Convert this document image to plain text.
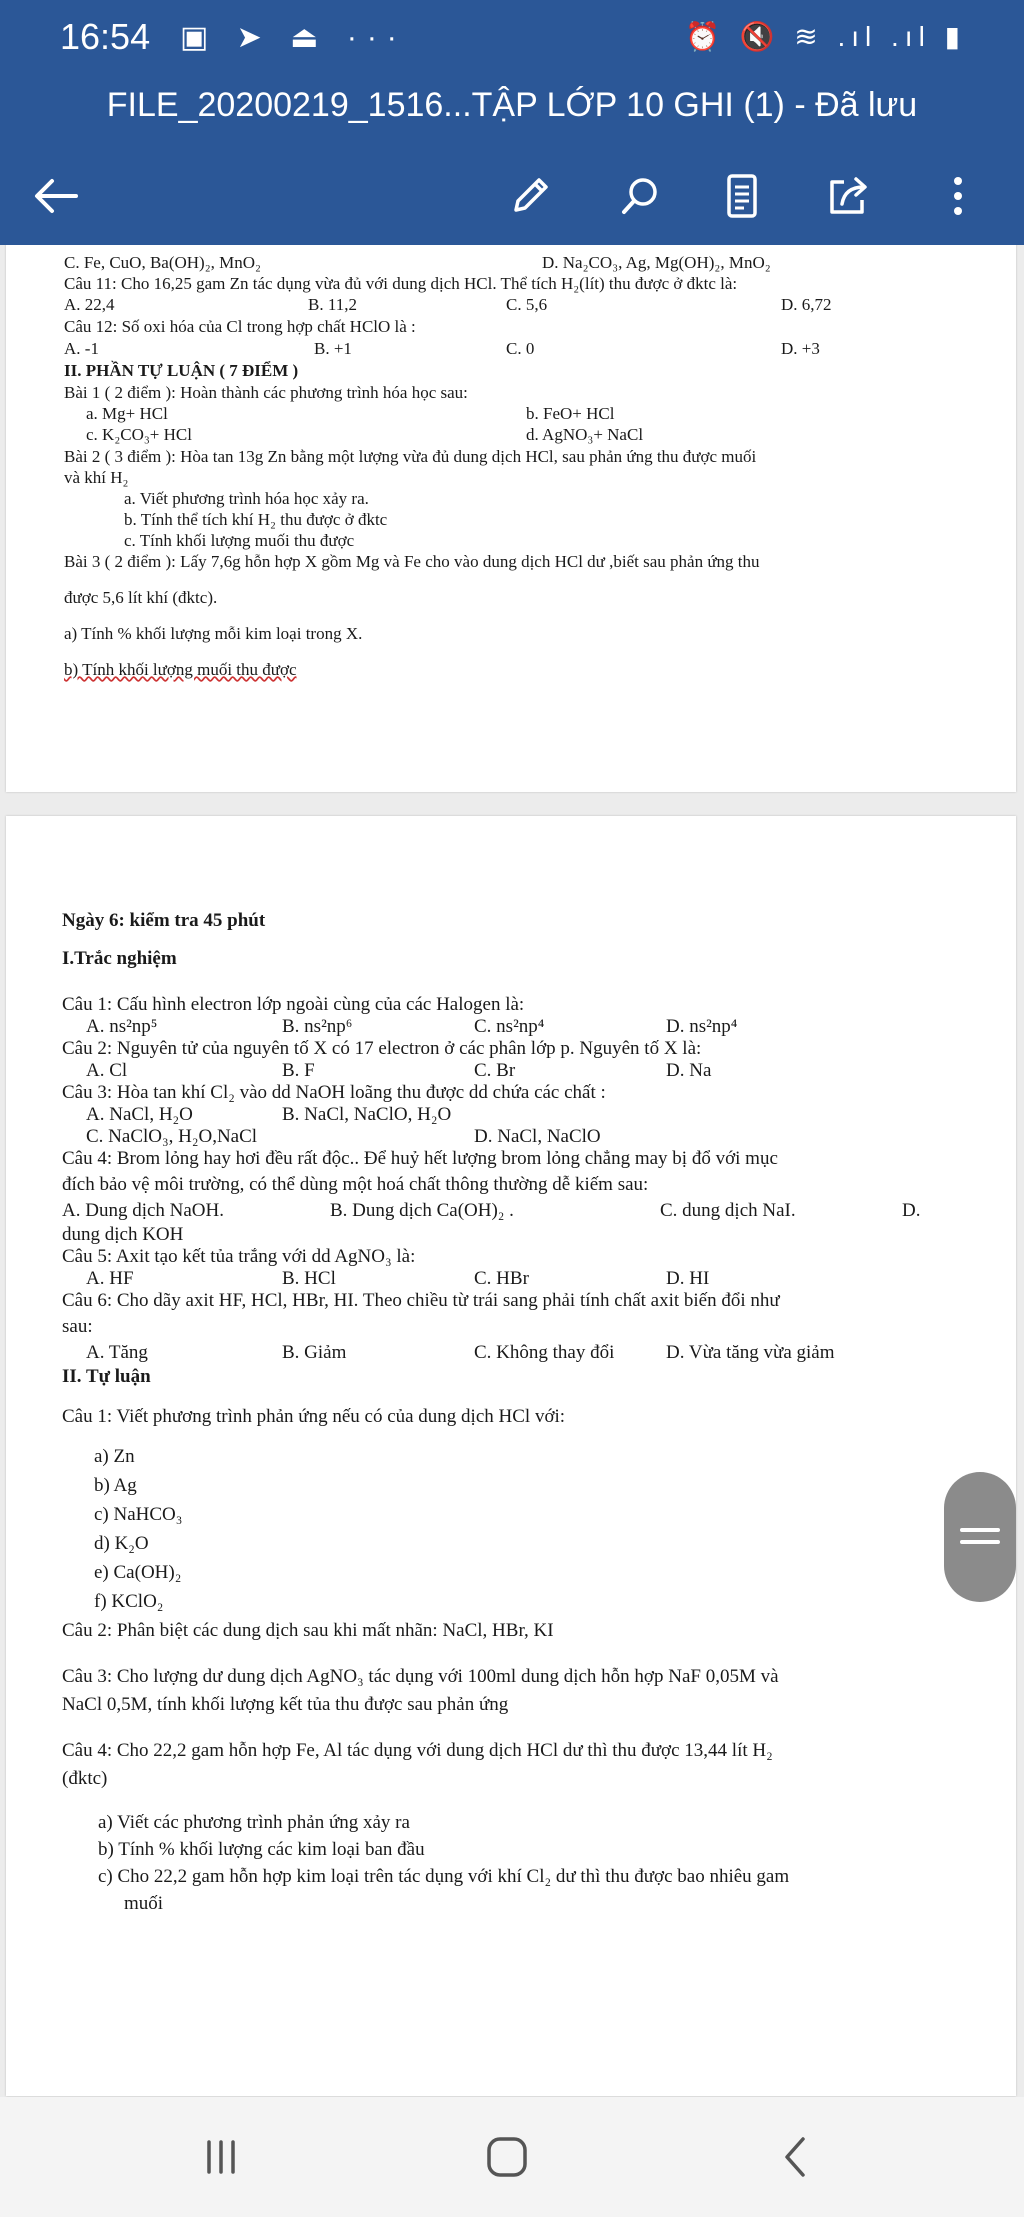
16:54 ▣ ➤ ⏏ ···	⏰ 🔇 ≋ .ıl .ıl ▮
FILE_20200219_1516...TẬP LỚP 10 GHI (1) - Đã lưu
C. Fe, CuO, Ba(OH)₂, MnO₂	D. Na₂CO₃, Ag, Mg(OH)₂, MnO₂
Câu 11: Cho 16,25 gam Zn tác dụng vừa đủ với dung dịch HCl. Thể tích H₂(lít) thu được ở đktc là:
A. 22,4	B. 11,2	C. 5,6	D. 6,72
Câu 12: Số oxi hóa của Cl trong hợp chất HClO là :
A. -1	B. +1	C. 0	D. +3
II. PHẦN TỰ LUẬN ( 7 ĐIỂM )
Bài 1 ( 2 điểm ): Hoàn thành các phương trình hóa học sau:
a. Mg+ HCl	b. FeO+ HCl
c. K₂CO₃+ HCl	d. AgNO₃+ NaCl
Bài 2 ( 3 điểm ): Hòa tan 13g Zn bằng một lượng vừa đủ dung dịch HCl, sau phản ứng thu được muối
và khí H₂
a. Viết phương trình hóa học xảy ra.
b. Tính thể tích khí H₂ thu được ở đktc
c. Tính khối lượng muối thu được
Bài 3 ( 2 điểm ): Lấy 7,6g hỗn hợp X gồm Mg và Fe cho vào dung dịch HCl dư ,biết sau phản ứng thu
được 5,6 lít khí (đktc).
a) Tính % khối lượng mỗi kim loại trong X.
b) Tính khối lượng muối thu được
Ngày 6: kiểm tra 45 phút
I.Trắc nghiệm
Câu 1: Cấu hình electron lớp ngoài cùng của các Halogen là:
A. ns²np⁵	B. ns²np⁶	C. ns²np⁴	D. ns²np⁴
Câu 2: Nguyên tử của nguyên tố X có 17 electron ở các phân lớp p. Nguyên tố X là:
A. Cl	B. F	C. Br	D. Na
Câu 3: Hòa tan khí Cl₂ vào dd NaOH loãng thu được dd chứa các chất :
A. NaCl, H₂O	B. NaCl, NaClO, H₂O
C. NaClO₃, H₂O,NaCl	D. NaCl, NaClO
Câu 4: Brom lỏng hay hơi đều rất độc.. Để huỷ hết lượng brom lỏng chẳng may bị đổ với mục
đích bảo vệ môi trường, có thể dùng một hoá chất thông thường dễ kiếm sau:
A. Dung dịch NaOH.	B. Dung dịch Ca(OH)₂ .	C. dung dịch NaI.	D.
dung dịch KOH
Câu 5: Axit tạo kết tủa trắng với dd AgNO₃ là:
A. HF	B. HCl	C. HBr	D. HI
Câu 6: Cho dãy axit HF, HCl, HBr, HI. Theo chiều từ trái sang phải tính chất axit biến đổi như
sau:
A. Tăng	B. Giảm	C. Không thay đổi	D. Vừa tăng vừa giảm
II. Tự luận
Câu 1: Viết phương trình phản ứng nếu có của dung dịch HCl với:
a) Zn
b) Ag
c) NaHCO₃
d) K₂O
e) Ca(OH)₂
f) KClO₂
Câu 2: Phân biệt các dung dịch sau khi mất nhãn: NaCl, HBr, KI
Câu 3: Cho lượng dư dung dịch AgNO₃ tác dụng với 100ml dung dịch hỗn hợp NaF 0,05M và
NaCl 0,5M, tính khối lượng kết tủa thu được sau phản ứng
Câu 4: Cho 22,2 gam hỗn hợp Fe, Al tác dụng với dung dịch HCl dư thì thu được 13,44 lít H₂
(đktc)
a) Viết các phương trình phản ứng xảy ra
b) Tính % khối lượng các kim loại ban đầu
c) Cho 22,2 gam hỗn hợp kim loại trên tác dụng với khí Cl₂ dư thì thu được bao nhiêu gam
muối
